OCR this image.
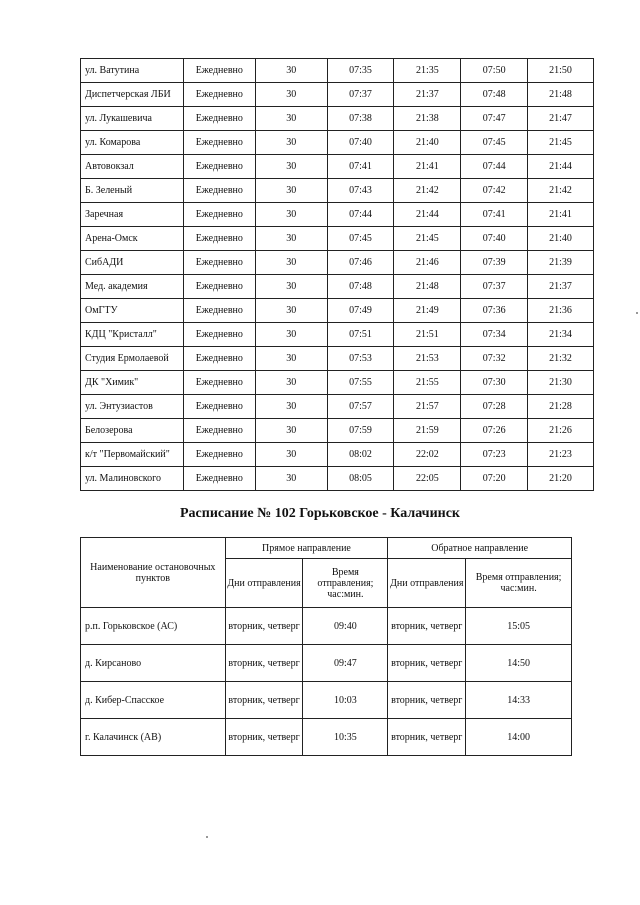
ул. Ватутина	Ежедневно	30	07:35	21:35	07:50	21:50
Диспетчерская ЛБИ	Ежедневно	30	07:37	21:37	07:48	21:48
ул. Лукашевича	Ежедневно	30	07:38	21:38	07:47	21:47
ул. Комарова	Ежедневно	30	07:40	21:40	07:45	21:45
Автовокзал	Ежедневно	30	07:41	21:41	07:44	21:44
Б. Зеленый	Ежедневно	30	07:43	21:42	07:42	21:42
Заречная	Ежедневно	30	07:44	21:44	07:41	21:41
Арена-Омск	Ежедневно	30	07:45	21:45	07:40	21:40
СибАДИ	Ежедневно	30	07:46	21:46	07:39	21:39
Мед. академия	Ежедневно	30	07:48	21:48	07:37	21:37
ОмГТУ	Ежедневно	30	07:49	21:49	07:36	21:36
КДЦ "Кристалл"	Ежедневно	30	07:51	21:51	07:34	21:34
Студия Ермолаевой	Ежедневно	30	07:53	21:53	07:32	21:32
ДК "Химик"	Ежедневно	30	07:55	21:55	07:30	21:30
ул. Энтузиастов	Ежедневно	30	07:57	21:57	07:28	21:28
Белозерова	Ежедневно	30	07:59	21:59	07:26	21:26
к/т "Первомайский"	Ежедневно	30	08:02	22:02	07:23	21:23
ул. Малиновского	Ежедневно	30	08:05	22:05	07:20	21:20
Расписание № 102 Горьковское - Калачинск
Наименование остановочных пунктов	Прямое направление		Обратное направление	
	Дни отправления	Время отправления; час:мин.	Дни отправления	Время отправления; час:мин.
р.п. Горьковское (АС)	вторник, четверг	09:40	вторник, четверг	15:05
д. Кирсаново	вторник, четверг	09:47	вторник, четверг	14:50
д. Кибер-Спасское	вторник, четверг	10:03	вторник, четверг	14:33
г. Калачинск (АВ)	вторник, четверг	10:35	вторник, четверг	14:00
